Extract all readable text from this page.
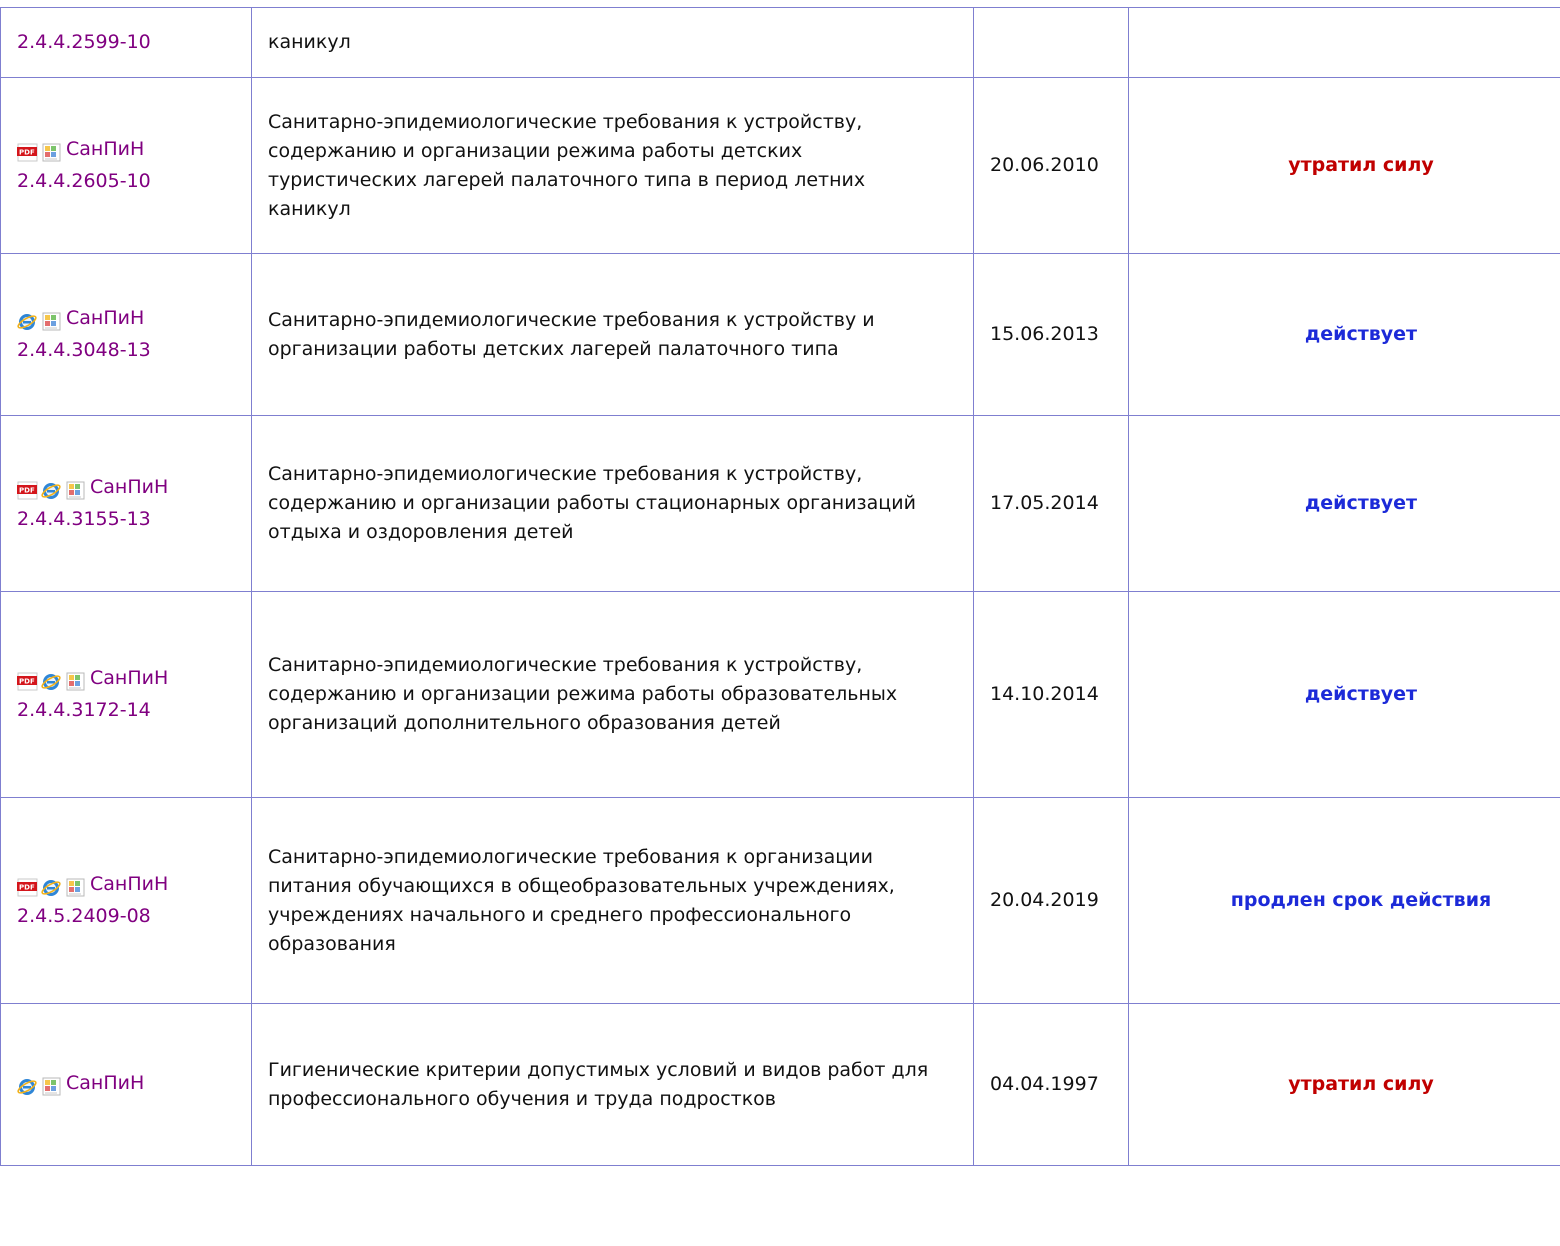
2.4.4.2599-10	каникул		

PDF СанПиН
2.4.4.2605-10	Санитарно-эпидемиологические требования к устройству, содержанию и организации режима работы детских туристических лагерей палаточного типа в период летних каникул	20.06.2010	утратил силу

СанПиН
2.4.4.3048-13	Санитарно-эпидемиологические требования к устройству и организации работы детских лагерей палаточного типа	15.06.2013	действует

PDF СанПиН
2.4.4.3155-13	Санитарно-эпидемиологические требования к устройству, содержанию и организации работы стационарных организаций отдыха и оздоровления детей	17.05.2014	действует

PDF СанПиН
2.4.4.3172-14	Санитарно-эпидемиологические требования к устройству, содержанию и организации режима работы образовательных организаций дополнительного образования детей	14.10.2014	действует

PDF СанПиН
2.4.5.2409-08	Санитарно-эпидемиологические требования к организации питания обучающихся в общеобразовательных учреждениях, учреждениях начального и среднего профессионального образования	20.04.2019	продлен срок действия

СанПиН	Гигиенические критерии допустимых условий и видов работ для профессионального обучения и труда подростков	04.04.1997	утратил силу
